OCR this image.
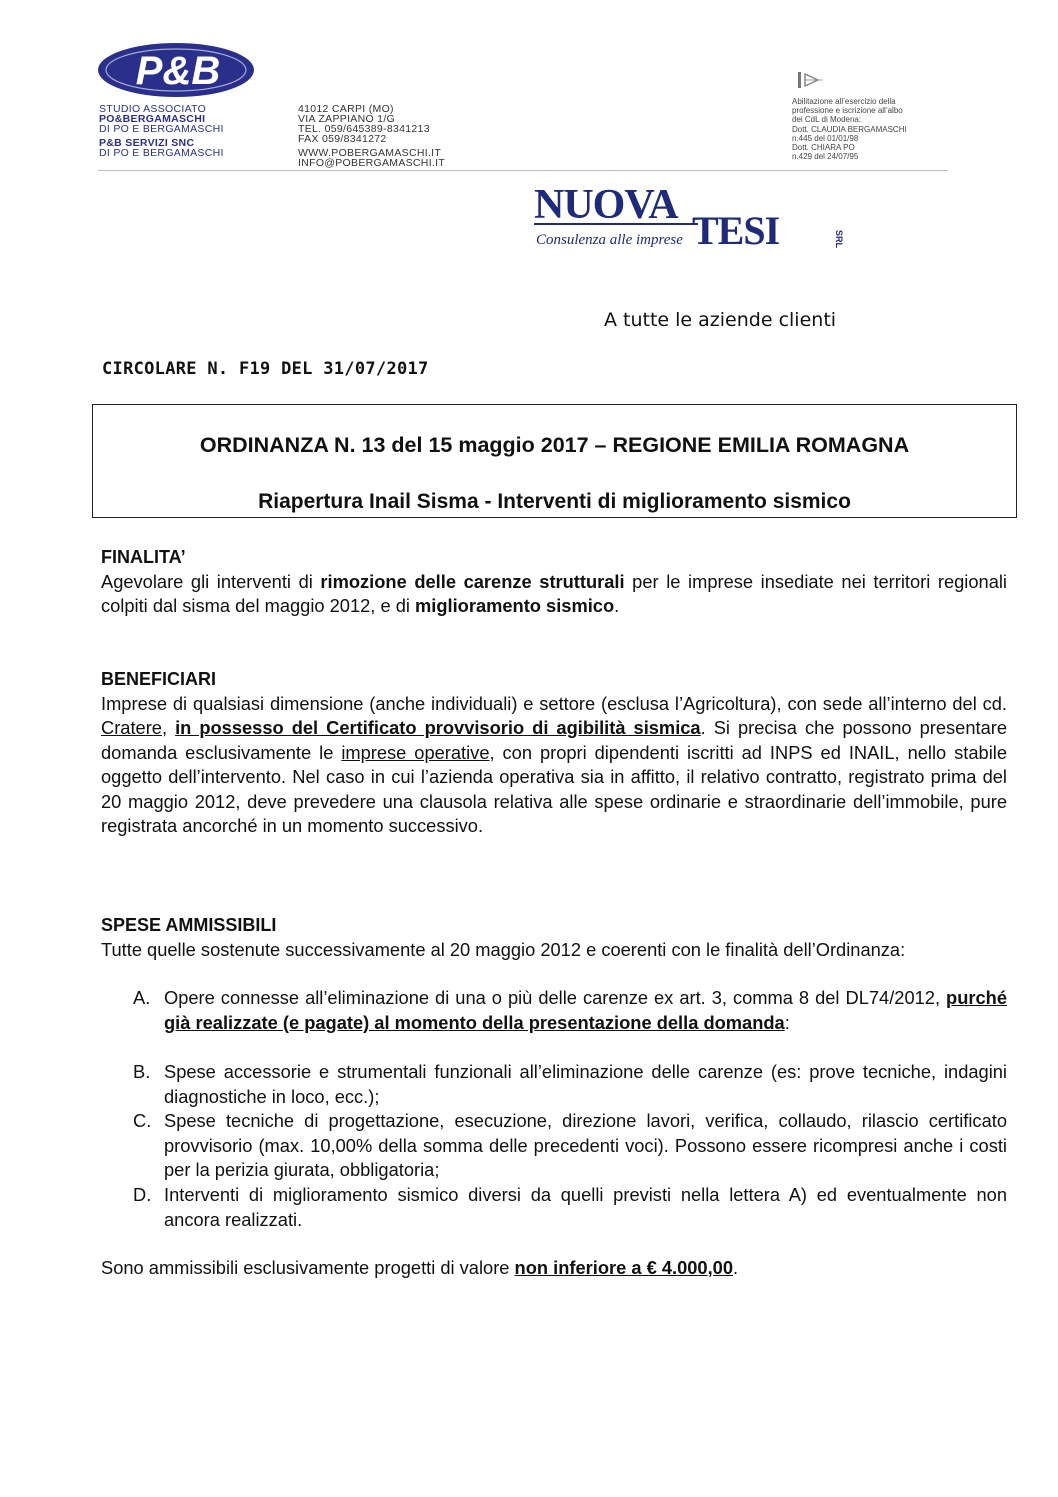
P&B
STUDIO ASSOCIATO
PO&BERGAMASCHI
DI PO E BERGAMASCHI
P&B SERVIZI SNC
DI PO E BERGAMASCHI
41012 CARPI (MO)
VIA ZAPPIANO 1/G
TEL. 059/645389-8341213
FAX 059/8341272
WWW.POBERGAMASCHI.IT
INFO@POBERGAMASCHI.IT
Abilitazione all’esercizio della
professione e iscrizione all’albo
dei CdL di Modena:
Dott. CLAUDIA BERGAMASCHI
n.445 del 01/01/98
Dott. CHIARA PO
n.429 del 24/07/95
NUOVA
TESI
Consulenza alle imprese	SRL
A tutte le aziende clienti
CIRCOLARE N. F19 DEL 31/07/2017
ORDINANZA N. 13 del 15 maggio 2017 – REGIONE EMILIA ROMAGNA
Riapertura Inail Sisma - Interventi di miglioramento sismico
FINALITA’
Agevolare gli interventi di rimozione delle carenze strutturali per le imprese insediate nei territori regionali colpiti dal sisma del maggio 2012, e di miglioramento sismico.
BENEFICIARI
Imprese di qualsiasi dimensione (anche individuali) e settore (esclusa l’Agricoltura), con sede all’interno del cd. Cratere, in possesso del Certificato provvisorio di agibilità sismica. Si precisa che possono presentare domanda esclusivamente le imprese operative, con propri dipendenti iscritti ad INPS ed INAIL, nello stabile oggetto dell’intervento. Nel caso in cui l’azienda operativa sia in affitto, il relativo contratto, registrato prima del 20 maggio 2012, deve prevedere una clausola relativa alle spese ordinarie e straordinarie dell’immobile, pure registrata ancorché in un momento successivo.
SPESE AMMISSIBILI
Tutte quelle sostenute successivamente al 20 maggio 2012 e coerenti con le finalità dell’Ordinanza:
A. Opere connesse all’eliminazione di una o più delle carenze ex art. 3, comma 8 del DL74/2012, purché già realizzate (e pagate) al momento della presentazione della domanda:
B. Spese accessorie e strumentali funzionali all’eliminazione delle carenze (es: prove tecniche, indagini diagnostiche in loco, ecc.);
C. Spese tecniche di progettazione, esecuzione, direzione lavori, verifica, collaudo, rilascio certificato provvisorio (max. 10,00% della somma delle precedenti voci). Possono essere ricompresi anche i costi per la perizia giurata, obbligatoria;
D. Interventi di miglioramento sismico diversi da quelli previsti nella lettera A) ed eventualmente non ancora realizzati.
Sono ammissibili esclusivamente progetti di valore non inferiore a € 4.000,00.
